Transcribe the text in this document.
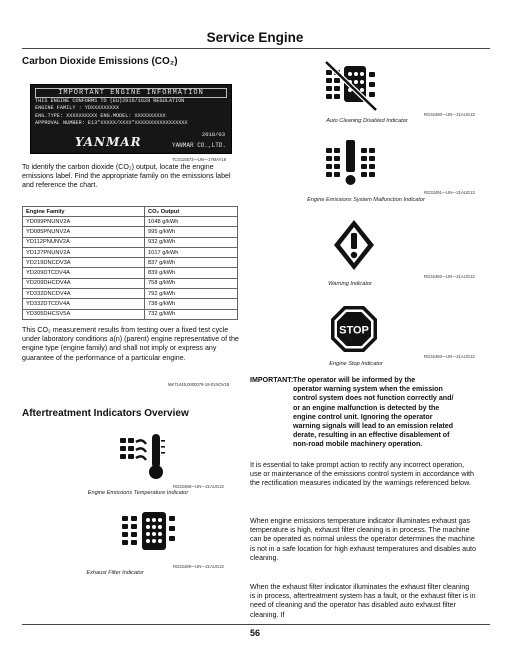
Service Engine
56
Carbon Dioxide Emissions (CO₂)
IMPORTANT ENGINE INFORMATION
THIS ENGINE CONFORMS TO (EU)2016/1628 REGULATION
ENGINE FAMILY : YDXXXXXXXXX
ENG.TYPE: XXXXXXXXXX ENG.MODEL: XXXXXXXXXX
APPROVAL NUMBER: E13*XXXXX/XXXX*XXXXXXXXXXXXXXXXX
2018/03
YANMAR	YANMAR CO.,LTD.
TC0115573—UN—17MAY18
To identify the carbon dioxide (CO₂) output, locate the engine emissions label. Find the appropriate family on the emissions label and reference the chart.
Engine Family	CO₂ Output
YD099PNUNV2A	1048 g/kWh
YD085PNUNV2A	995 g/kWh
YD112PNUNV2A	932 g/kWh
YD127PNUNV2A	1017 g/kWh
YD219DNCDV3A	837 g/kWh
YD209DTCDV4A	839 g/kWh
YD209DHCDV4A	758 g/kWh
YD332DNCDV4A	792 g/kWh
YD332DTCDV4A	738 g/kWh
YD305DHCSV5A	732 g/kWh
This CO₂ measurement results from testing over a fixed test cycle under laboratory conditions a(n) (parent) engine representative of the engine type (engine family) and shall not imply or express any guarantee of the performance of a particular engine.
MK71445,0000079-19-01NOV18
Aftertreatment Indicators Overview
RG32488—UN—21AUG13
Engine Emissions Temperature Indicator
RG32489—UN—21AUG13
Exhaust Filter Indicator
RG32490—UN—21AUG13
Auto Cleaning Disabled Indicator
RG32491—UN—21AUG13
Engine Emissions System Malfunction Indicator
RG32492—UN—21AUG13
Warning Indicator
STOP
RG32493—UN—21AUG13
Engine Stop Indicator
IMPORTANT: The operator will be informed by the
operator warning system when the emission
control system does not function correctly and/
or an engine malfunction is detected by the
engine control unit. Ignoring the operator
warning signals will lead to an emission related
derate, resulting in an effective disablement of
non-road mobile machinery operation.
It is essential to take prompt action to rectify any incorrect operation, use or maintenance of the emissions control system in accordance with the rectification measures indicated by the warnings referenced below.
When engine emissions temperature indicator illuminates exhaust gas temperature is high, exhaust filter cleaning is in process. The machine can be operated as normal unless the operator determines the machine is not in a safe location for high exhaust temperatures and disables auto cleaning.
When the exhaust filter indicator illuminates the exhaust filter cleaning is in process, aftertreatment system has a fault, or the exhaust filter is in need of cleaning and the operator has disabled auto exhaust filter cleaning. If
